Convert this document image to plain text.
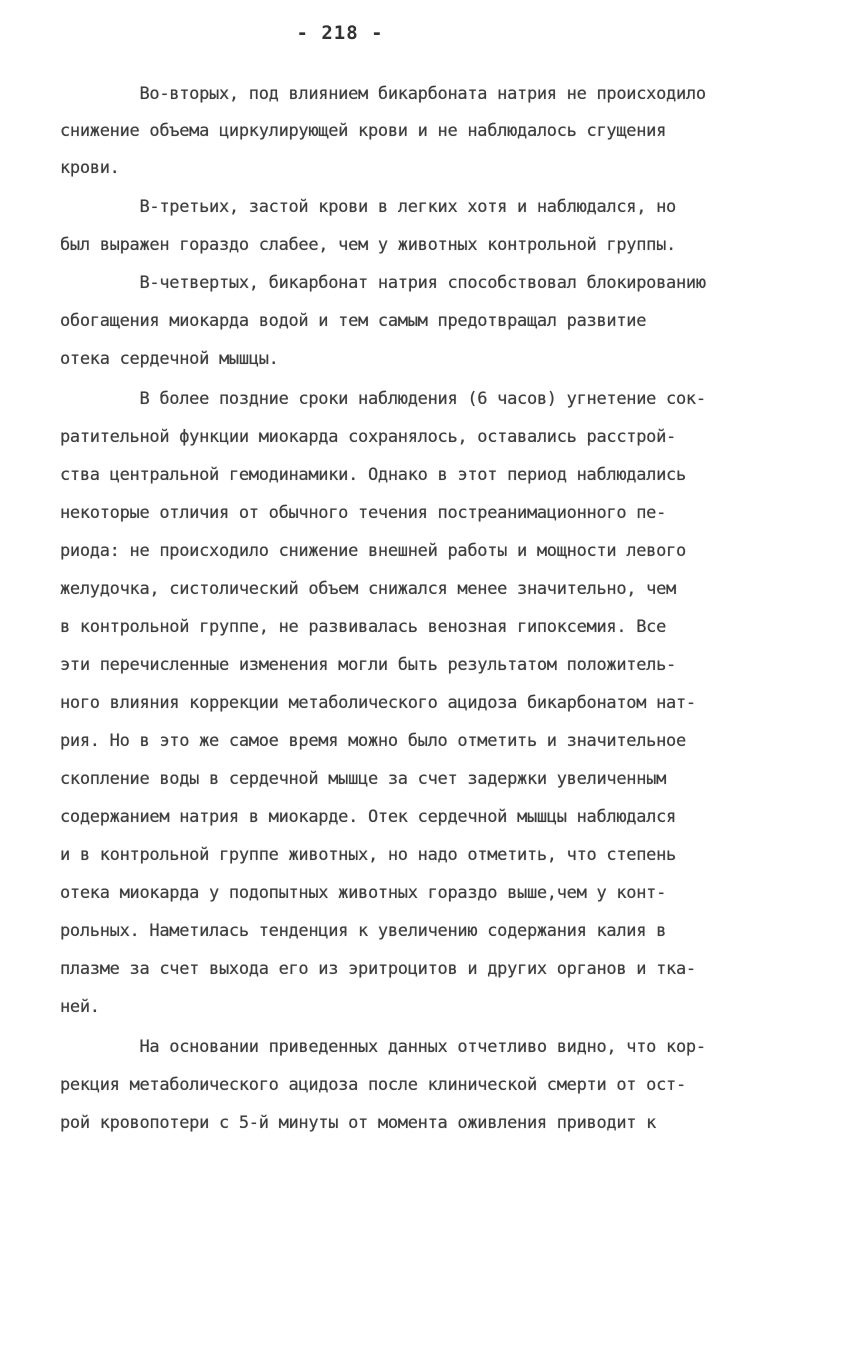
- 218 -
Во-вторых, под влиянием бикарбоната натрия не происходило
снижение объема циркулирующей крови и не наблюдалось сгущения
крови.
В-третьих, застой крови в легких хотя и наблюдался, но
был выражен гораздо слабее, чем у животных контрольной группы.
В-четвертых, бикарбонат натрия способствовал блокированию
обогащения миокарда водой и тем самым предотвращал развитие
отека сердечной мышцы.
В более поздние сроки наблюдения (6 часов) угнетение сок-
ратительной функции миокарда сохранялось, оставались расстрой-
ства центральной гемодинамики. Однако в этот период наблюдались
некоторые отличия от обычного течения постреанимационного пе-
риода: не происходило снижение внешней работы и мощности левого
желудочка, систолический объем снижался менее значительно, чем
в контрольной группе, не развивалась венозная гипоксемия. Все
эти перечисленные изменения могли быть результатом положитель-
ного влияния коррекции метаболического ацидоза бикарбонатом нат-
рия. Но в это же самое время можно было отметить и значительное
скопление воды в сердечной мышце за счет задержки увеличенным
содержанием натрия в миокарде. Отек сердечной мышцы наблюдался
и в контрольной группе животных, но надо отметить, что степень
отека миокарда у подопытных животных гораздо выше,чем у конт-
рольных. Наметилась тенденция к увеличению содержания калия в
плазме за счет выхода его из эритроцитов и других органов и тка-
ней.
На основании приведенных данных отчетливо видно, что кор-
рекция метаболического ацидоза после клинической смерти от ост-
рой кровопотери с 5-й минуты от момента оживления приводит к
